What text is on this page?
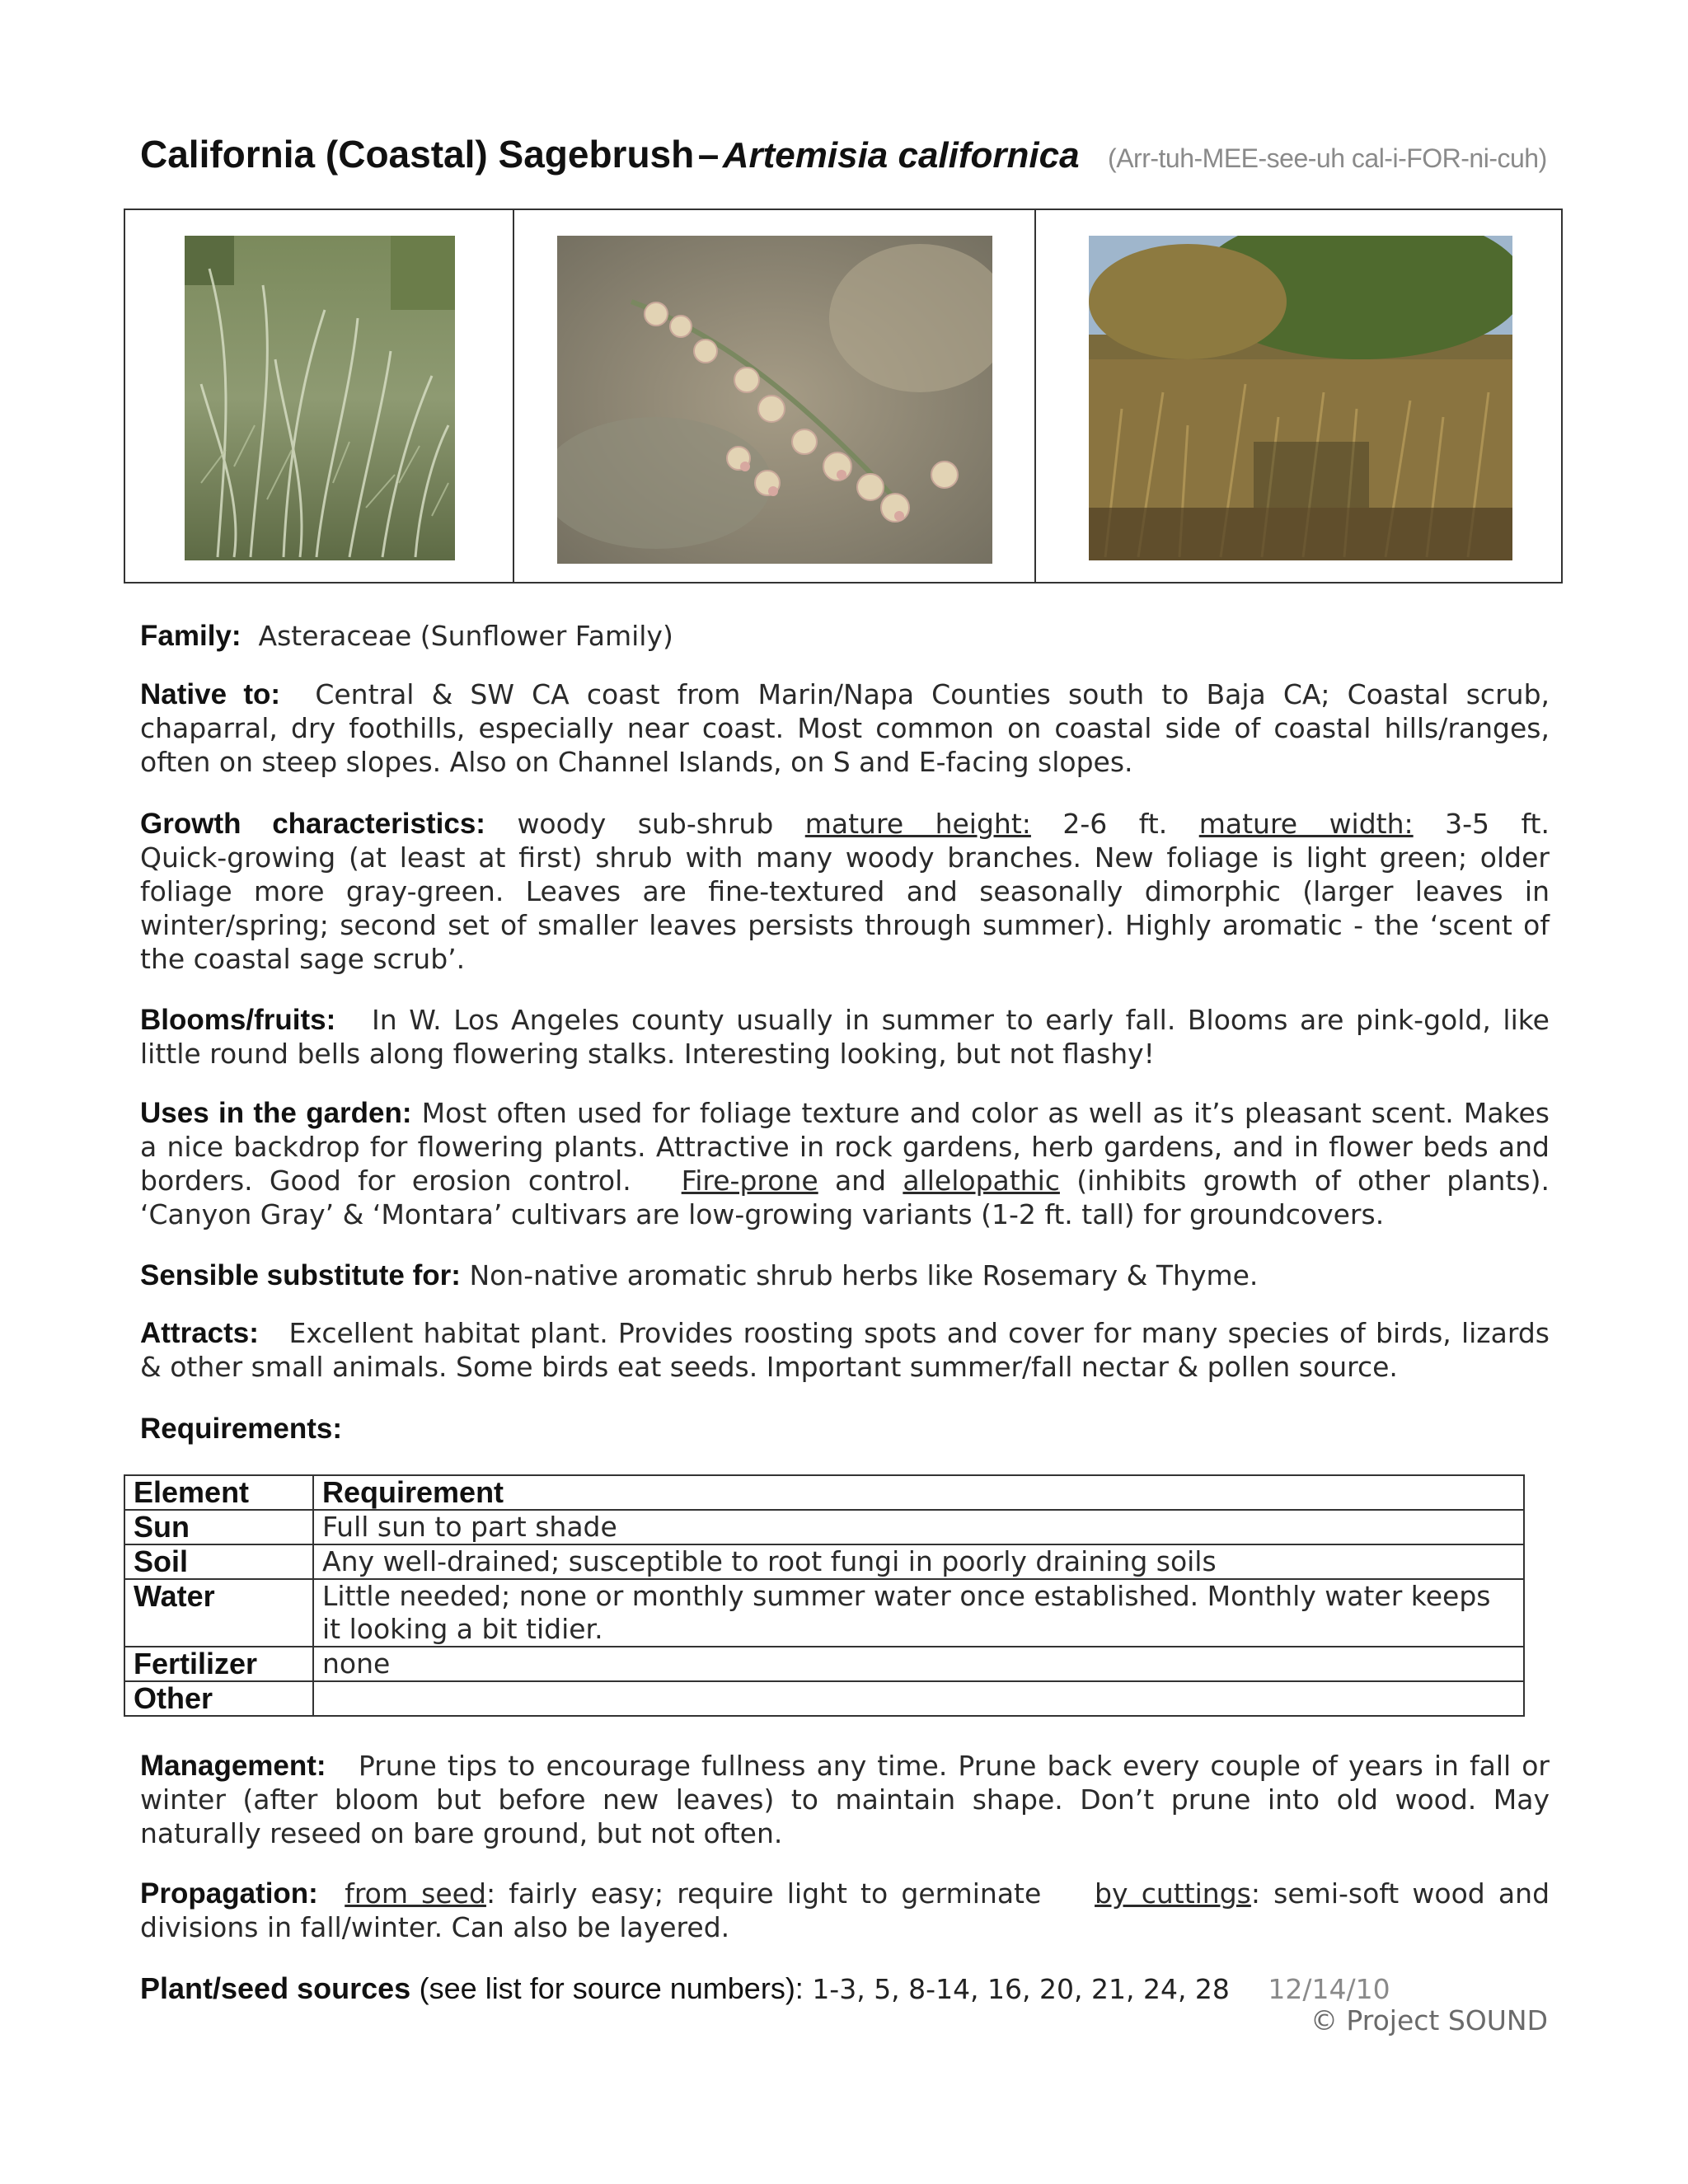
California (Coastal) Sagebrush – Artemisia californica (Arr-tuh-MEE-see-uh cal-i-FOR-ni-cuh)
Family: Asteraceae (Sunflower Family)
Native to: Central & SW CA coast from Marin/Napa Counties south to Baja CA; Coastal scrub, chaparral, dry foothills, especially near coast. Most common on coastal side of coastal hills/ranges, often on steep slopes. Also on Channel Islands, on S and E-facing slopes.
Growth characteristics: woody sub-shrub mature height: 2-6 ft. mature width: 3-5 ft.
Quick-growing (at least at first) shrub with many woody branches. New foliage is light green; older foliage more gray-green. Leaves are fine-textured and seasonally dimorphic (larger leaves in winter/spring; second set of smaller leaves persists through summer). Highly aromatic - the ‘scent of the coastal sage scrub’.
Blooms/fruits: In W. Los Angeles county usually in summer to early fall. Blooms are pink-gold, like little round bells along flowering stalks. Interesting looking, but not flashy!
Uses in the garden: Most often used for foliage texture and color as well as it’s pleasant scent. Makes a nice backdrop for flowering plants. Attractive in rock gardens, herb gardens, and in flower beds and borders. Good for erosion control. Fire-prone and allelopathic (inhibits growth of other plants). ‘Canyon Gray’ & ‘Montara’ cultivars are low-growing variants (1-2 ft. tall) for groundcovers.
Sensible substitute for: Non-native aromatic shrub herbs like Rosemary & Thyme.
Attracts: Excellent habitat plant. Provides roosting spots and cover for many species of birds, lizards & other small animals. Some birds eat seeds. Important summer/fall nectar & pollen source.
Requirements:
Element	Requirement
Sun	Full sun to part shade
Soil	Any well-drained; susceptible to root fungi in poorly draining soils
Water	Little needed; none or monthly summer water once established. Monthly water keeps it looking a bit tidier.
Fertilizer	none
Other	
Management: Prune tips to encourage fullness any time. Prune back every couple of years in fall or winter (after bloom but before new leaves) to maintain shape. Don’t prune into old wood. May naturally reseed on bare ground, but not often.
Propagation: from seed: fairly easy; require light to germinate by cuttings: semi-soft wood and divisions in fall/winter. Can also be layered.
Plant/seed sources (see list for source numbers): 1-3, 5, 8-14, 16, 20, 21, 24, 28 12/14/10
© Project SOUND
